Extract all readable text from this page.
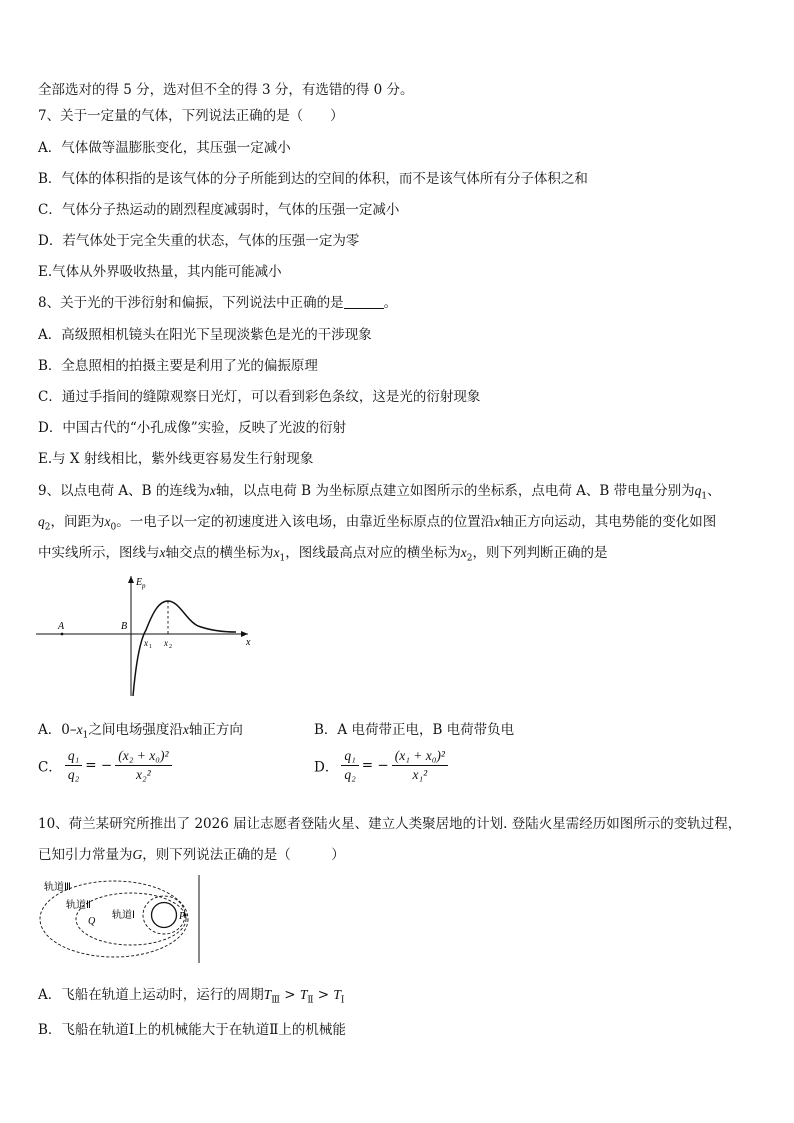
全部选对的得 5 分，选对但不全的得 3 分，有选错的得 0 分。
7、关于一定量的气体，下列说法正确的是（　　）
A．气体做等温膨胀变化，其压强一定减小
B．气体的体积指的是该气体的分子所能到达的空间的体积，而不是该气体所有分子体积之和
C．气体分子热运动的剧烈程度减弱时，气体的压强一定减小
D．若气体处于完全失重的状态，气体的压强一定为零
E.气体从外界吸收热量，其内能可能减小
8、关于光的干涉衍射和偏振，下列说法中正确的是	。
A．高级照相机镜头在阳光下呈现淡紫色是光的干涉现象
B．全息照相的拍摄主要是利用了光的偏振原理
C．通过手指间的缝隙观察日光灯，可以看到彩色条纹，这是光的衍射现象
D．中国古代的“小孔成像”实验，反映了光波的衍射
E.与 X 射线相比，紫外线更容易发生行射现象
9、以点电荷 A、B 的连线为x轴，以点电荷 B 为坐标原点建立如图所示的坐标系，点电荷 A、B 带电量分别为$q_1$、
$q_2$，间距为$x_0$。一电子以一定的初速度进入该电场，由靠近坐标原点的位置沿x轴正方向运动，其电势能的变化如图
中实线所示，图线与x轴交点的横坐标为$x_1$，图线最高点对应的横坐标为$x_2$，则下列判断正确的是
A	B
E p
x
x 1 x 2
A．$0-x_1$之间电场强度沿x轴正方向	B．A 电荷带正电，B 电荷带负电
C． $\frac{\text{q₁}}{\text{q₂}}$ = − $\frac{\text{(x₂ + x₀)²}}{\text{x₂²}}$	D． $\frac{\text{q₁}}{\text{q₂}}$ = − $\frac{\text{(x₁ + x₀)²}}{\text{x₁²}}$
10、荷兰某研究所推出了 2026 届让志愿者登陆火星、建立人类聚居地的计划. 登陆火星需经历如图所示的变轨过程，
已知引力常量为G，则下列说法正确的是（　　　）
轨道Ⅲ
轨道Ⅱ
轨道Ⅰ
Q	P
A．飞船在轨道上运动时，运行的周期$T_Ⅲ > T_Ⅱ > T_Ⅰ$
B．飞船在轨道Ⅰ上的机械能大于在轨道Ⅱ上的机械能
